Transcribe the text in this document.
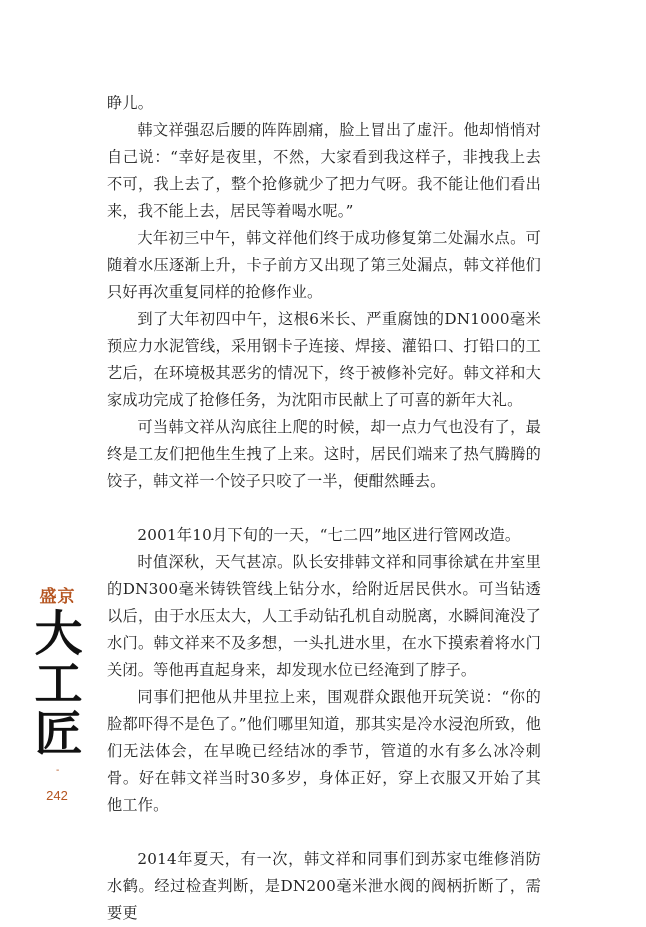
睁儿。

韩文祥强忍后腰的阵阵剧痛，脸上冒出了虚汗。他却悄悄对自己说：“幸好是夜里，不然，大家看到我这样子，非拽我上去不可，我上去了，整个抢修就少了把力气呀。我不能让他们看出来，我不能上去，居民等着喝水呢。”

大年初三中午，韩文祥他们终于成功修复第二处漏水点。可随着水压逐渐上升，卡子前方又出现了第三处漏点，韩文祥他们只好再次重复同样的抢修作业。

到了大年初四中午，这根6米长、严重腐蚀的DN1000毫米预应力水泥管线，采用钢卡子连接、焊接、灌铅口、打铅口的工艺后，在环境极其恶劣的情况下，终于被修补完好。韩文祥和大家成功完成了抢修任务，为沈阳市民献上了可喜的新年大礼。

可当韩文祥从沟底往上爬的时候，却一点力气也没有了，最终是工友们把他生生拽了上来。这时，居民们端来了热气腾腾的饺子，韩文祥一个饺子只咬了一半，便酣然睡去。

2001年10月下旬的一天，“七二四”地区进行管网改造。

时值深秋，天气甚凉。队长安排韩文祥和同事徐斌在井室里的DN300毫米铸铁管线上钻分水，给附近居民供水。可当钻透以后，由于水压太大，人工手动钻孔机自动脱离，水瞬间淹没了水门。韩文祥来不及多想，一头扎进水里，在水下摸索着将水门关闭。等他再直起身来，却发现水位已经淹到了脖子。

同事们把他从井里拉上来，围观群众跟他开玩笑说：“你的脸都吓得不是色了。”他们哪里知道，那其实是冷水浸泡所致，他们无法体会，在早晚已经结冰的季节，管道的水有多么冰冷刺骨。好在韩文祥当时30多岁，身体正好，穿上衣服又开始了其他工作。

2014年夏天，有一次，韩文祥和同事们到苏家屯维修消防水鹤。经过检查判断，是DN200毫米泄水阀的阀柄折断了，需要更

盛京
大
工
匠
-
242
